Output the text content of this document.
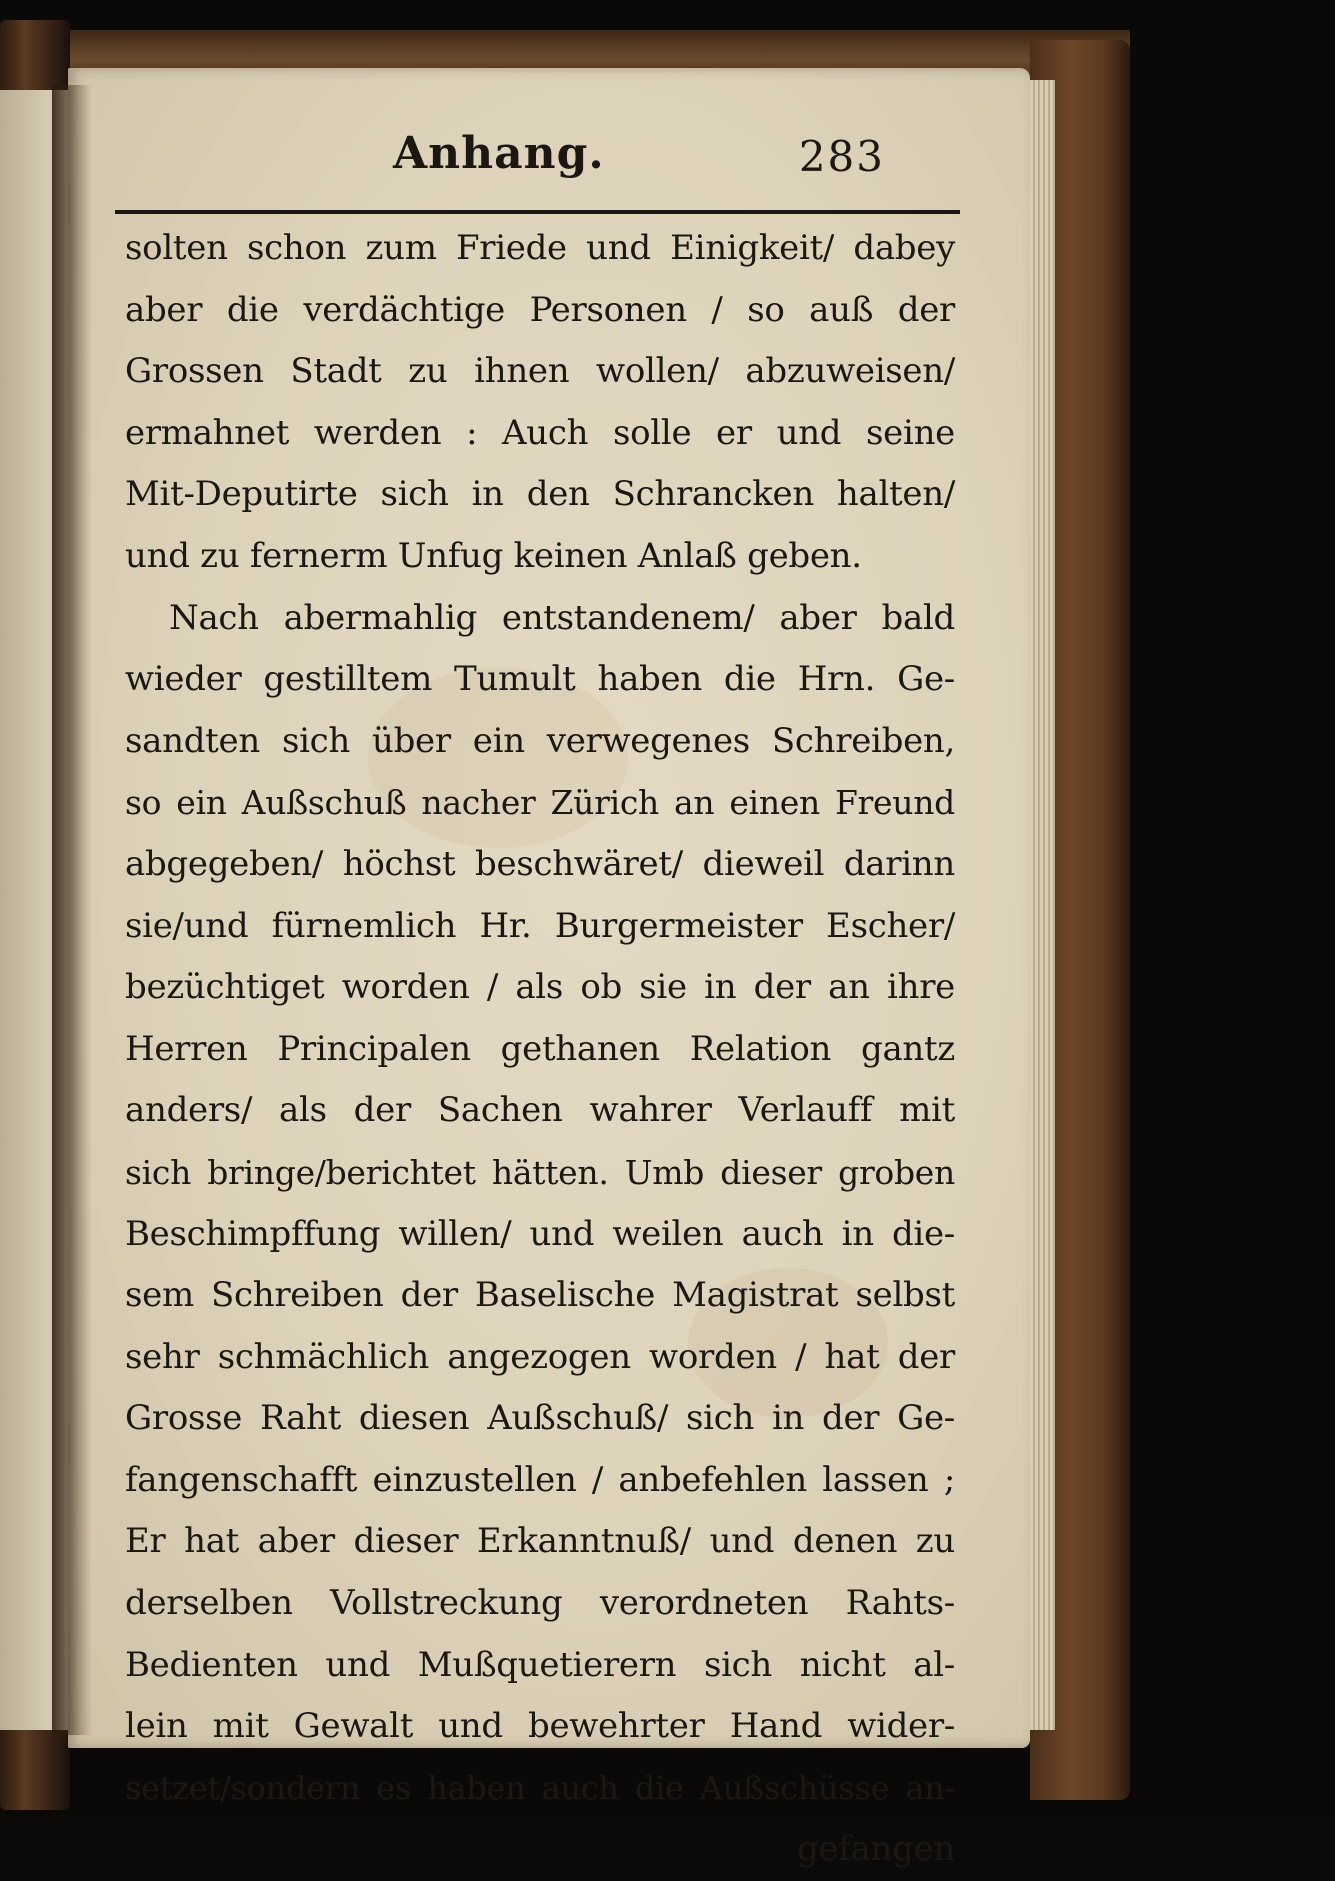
Anhang.	283
solten schon zum Friede und Einigkeit/ dabey
aber die verdächtige Personen / so auß der
Grossen Stadt zu ihnen wollen/ abzuweisen/
ermahnet werden : Auch solle er und seine
Mit-Deputirte sich in den Schrancken halten/
und zu fernerm Unfug keinen Anlaß geben.
Nach abermahlig entstandenem/ aber bald
wieder gestilltem Tumult haben die Hrn. Ge-
sandten sich über ein verwegenes Schreiben,
so ein Außschuß nacher Zürich an einen Freund
abgegeben/ höchst beschwäret/ dieweil darinn
sie/und fürnemlich Hr. Burgermeister Escher/
bezüchtiget worden / als ob sie in der an ihre
Herren Principalen gethanen Relation gantz
anders/ als der Sachen wahrer Verlauff mit
sich bringe/berichtet hätten. Umb dieser groben
Beschimpffung willen/ und weilen auch in die-
sem Schreiben der Baselische Magistrat selbst
sehr schmächlich angezogen worden / hat der
Grosse Raht diesen Außschuß/ sich in der Ge-
fangenschafft einzustellen / anbefehlen lassen ;
Er hat aber dieser Erkanntnuß/ und denen zu
derselben Vollstreckung verordneten Rahts-
Bedienten und Mußquetierern sich nicht al-
lein mit Gewalt und bewehrter Hand wider-
setzet/sondern es haben auch die Außschüsse an-
gefangen
